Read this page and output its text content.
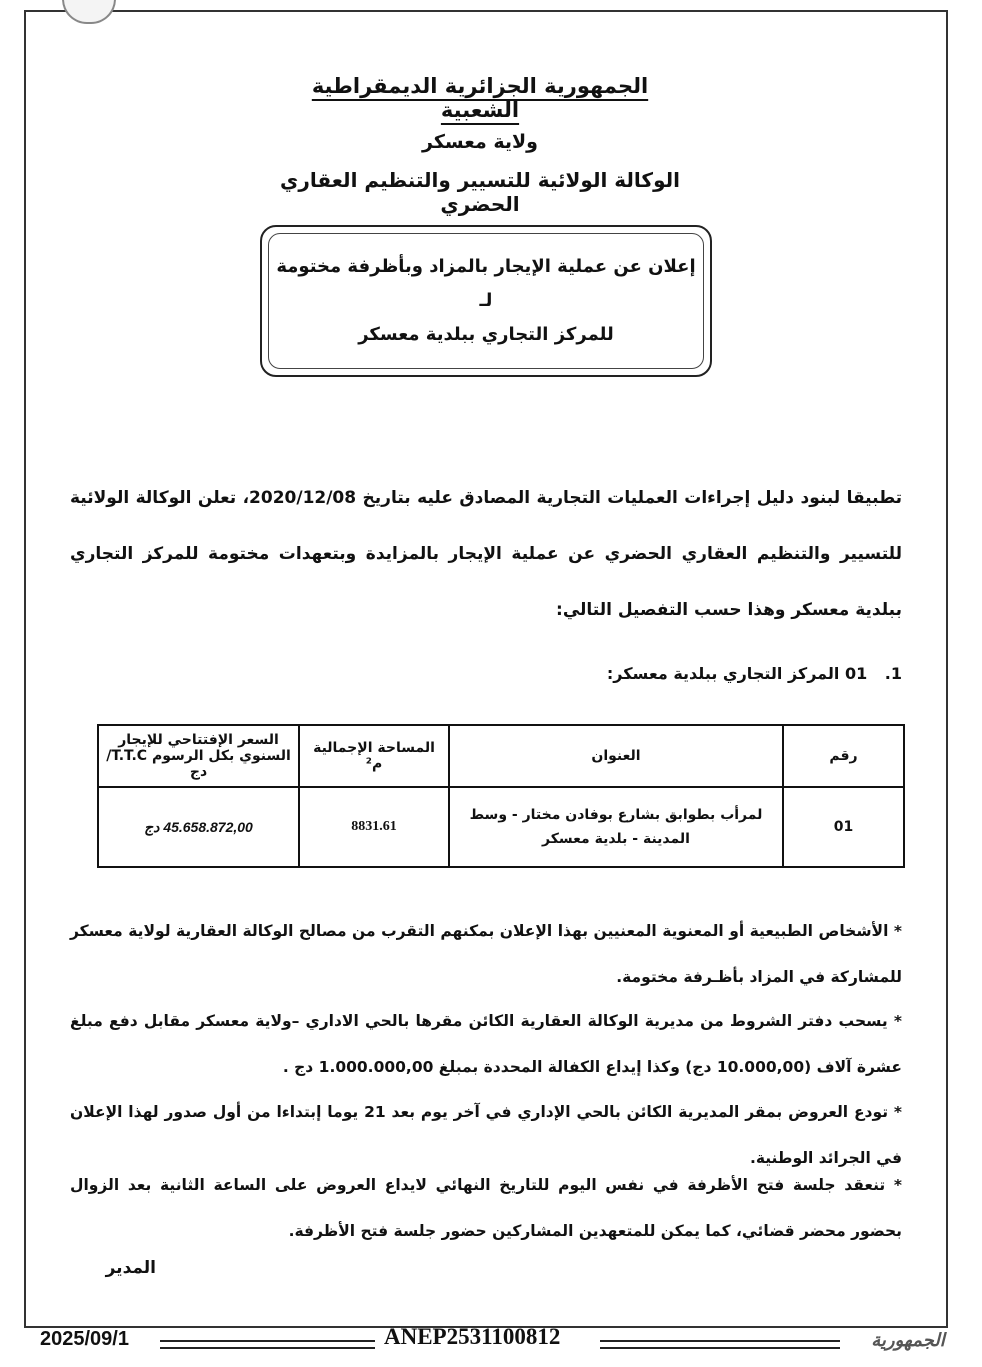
الجمهورية الجزائرية الديمقراطية الشعبية
ولاية معسكر
الوكالة الولائية للتسيير والتنظيم العقاري الحضري
إعلان عن عملية الإيجار بالمزاد وبأظرفة مختومة لـ
للمركز التجاري ببلدية معسكر
تطبيقا لبنود دليل إجراءات العمليات التجارية المصادق عليه بتاريخ 2020/12/08، تعلن الوكالة الولائية للتسيير والتنظيم العقاري الحضري عن عملية الإيجار بالمزايدة وبتعهدات مختومة للمركز التجاري ببلدية معسكر وهذا حسب التفصيل التالي:
1. 01 المركز التجاري ببلدية معسكر:
رقم	العنوان	المساحة الإجمالية م²	السعر الإفتتاحي للإيجار السنوي بكل الرسوم T.T.C/دج
01	لمرأب بطوابق بشارع بوفادن مختار - وسط المدينة - بلدية معسكر	8831.61	45.658.872,00 دج
* الأشخاص الطبيعية أو المعنوية المعنيين بهذا الإعلان بمكنهم التقرب من مصالح الوكالة العقارية لولاية معسكر للمشاركة في المزاد بأظـرفة مختومة.
* يسحب دفتر الشروط من مديرية الوكالة العقارية الكائن مقرها بالحي الاداري –ولاية معسكر مقابل دفع مبلغ عشرة آلاف (10.000,00 دج) وكذا إيداع الكفالة المحددة بمبلغ 1.000.000,00 دج .
* تودع العروض بمقر المديرية الكائن بالحي الإداري في آخر يوم بعد 21 يوما إبتداءا من أول صدور لهذا الإعلان في الجرائد الوطنية.
* تنعقد جلسة فتح الأظرفة في نفس اليوم للتاريخ النهائي لايداع العروض على الساعة الثانية بعد الزوال بحضور محضر قضائي، كما يمكن للمتعهدين المشاركين حضور جلسة فتح الأظرفة.
المدير
2025/09/1	ANEP2531100812	الجمهورية
